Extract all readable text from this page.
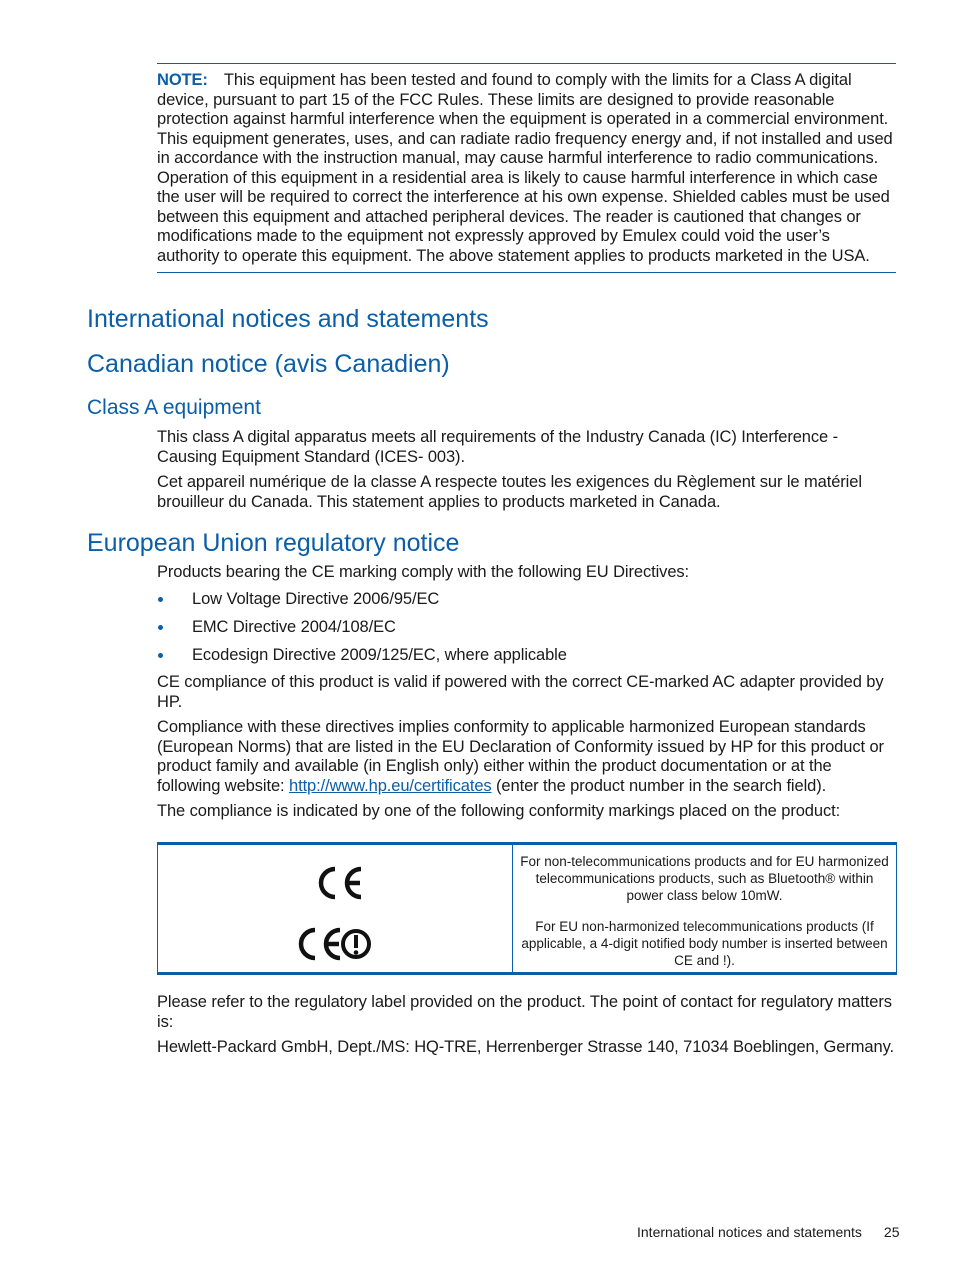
NOTE: This equipment has been tested and found to comply with the limits for a Class A digital device, pursuant to part 15 of the FCC Rules. These limits are designed to provide reasonable protection against harmful interference when the equipment is operated in a commercial environment. This equipment generates, uses, and can radiate radio frequency energy and, if not installed and used in accordance with the instruction manual, may cause harmful interference to radio communications. Operation of this equipment in a residential area is likely to cause harmful interference in which case the user will be required to correct the interference at his own expense. Shielded cables must be used between this equipment and attached peripheral devices. The reader is cautioned that changes or modifications made to the equipment not expressly approved by Emulex could void the user’s authority to operate this equipment. The above statement applies to products marketed in the USA.

International notices and statements
Canadian notice (avis Canadien)
Class A equipment

This class A digital apparatus meets all requirements of the Industry Canada (IC) Interference - Causing Equipment Standard (ICES- 003).

Cet appareil numérique de la classe A respecte toutes les exigences du Règlement sur le matériel brouilleur du Canada. This statement applies to products marketed in Canada.

European Union regulatory notice

Products bearing the CE marking comply with the following EU Directives:

Low Voltage Directive 2006/95/EC
EMC Directive 2004/108/EC
Ecodesign Directive 2009/125/EC, where applicable

CE compliance of this product is valid if powered with the correct CE-marked AC adapter provided by HP.

Compliance with these directives implies conformity to applicable harmonized European standards (European Norms) that are listed in the EU Declaration of Conformity issued by HP for this product or product family and available (in English only) either within the product documentation or at the following website: http://www.hp.eu/certificates (enter the product number in the search field).

The compliance is indicated by one of the following conformity markings placed on the product:

For non-telecommunications products and for EU harmonized telecommunications products, such as Bluetooth® within power class below 10mW.

For EU non-harmonized telecommunications products (If applicable, a 4-digit notified body number is inserted between CE and !).

Please refer to the regulatory label provided on the product. The point of contact for regulatory matters is:

Hewlett-Packard GmbH, Dept./MS: HQ-TRE, Herrenberger Strasse 140, 71034 Boeblingen, Germany.

International notices and statements 25
